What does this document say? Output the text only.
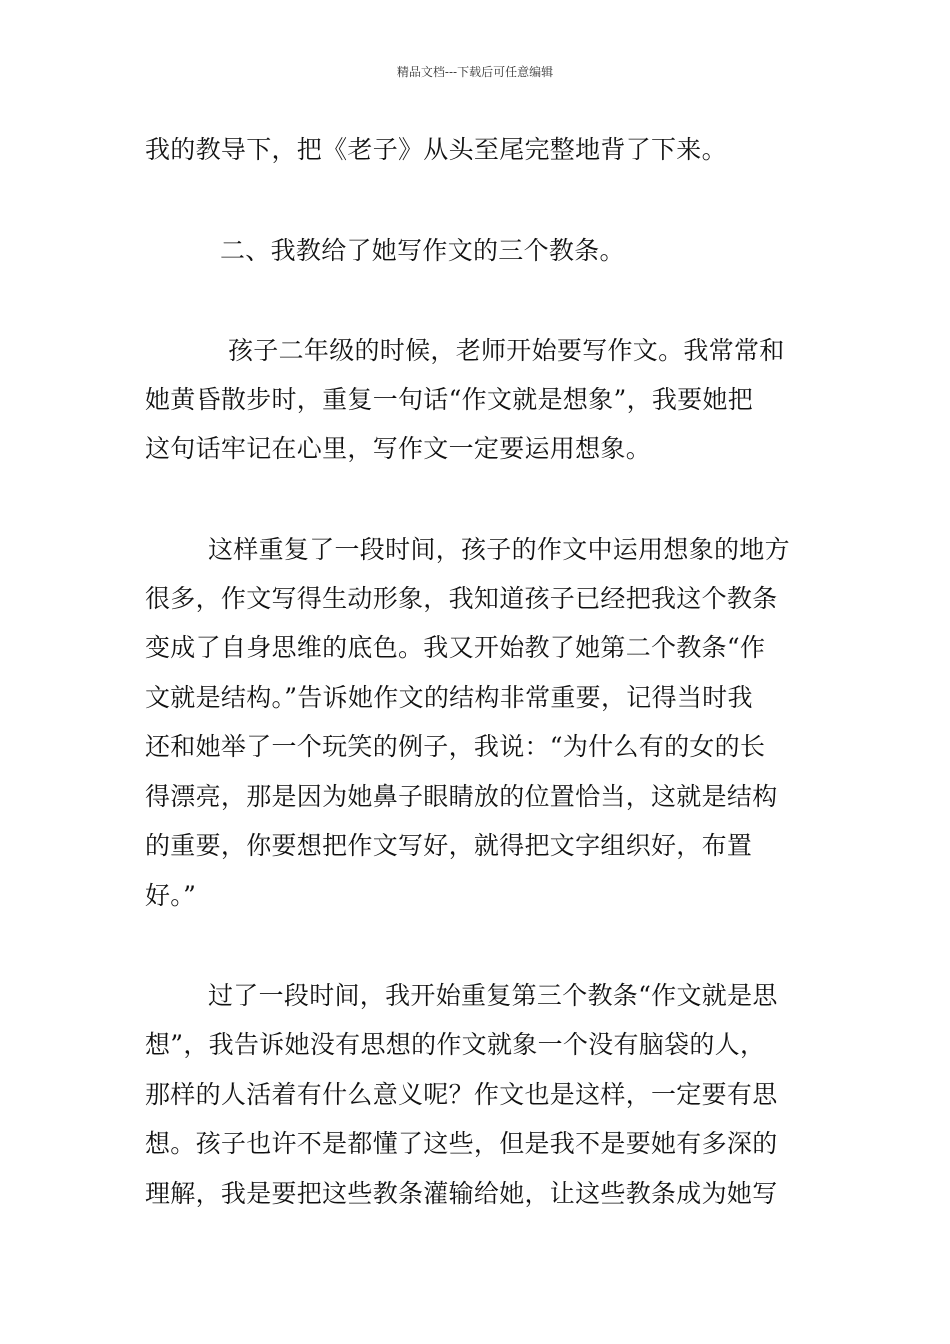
精品文档---下载后可任意编辑
我的教导下，把《老子》从头至尾完整地背了下来。
二、我教给了她写作文的三个教条。
孩子二年级的时候，老师开始要写作文。我常常和
她黄昏散步时，重复一句话“作文就是想象”，我要她把
这句话牢记在心里，写作文一定要运用想象。
这样重复了一段时间，孩子的作文中运用想象的地方
很多，作文写得生动形象，我知道孩子已经把我这个教条
变成了自身思维的底色。我又开始教了她第二个教条“作
文就是结构。”告诉她作文的结构非常重要，记得当时我
还和她举了一个玩笑的例子，我说：“为什么有的女的长
得漂亮，那是因为她鼻子眼睛放的位置恰当，这就是结构
的重要，你要想把作文写好，就得把文字组织好，布置
好。”
过了一段时间，我开始重复第三个教条“作文就是思
想”，我告诉她没有思想的作文就象一个没有脑袋的人，
那样的人活着有什么意义呢？作文也是这样，一定要有思
想。孩子也许不是都懂了这些，但是我不是要她有多深的
理解，我是要把这些教条灌输给她，让这些教条成为她写
